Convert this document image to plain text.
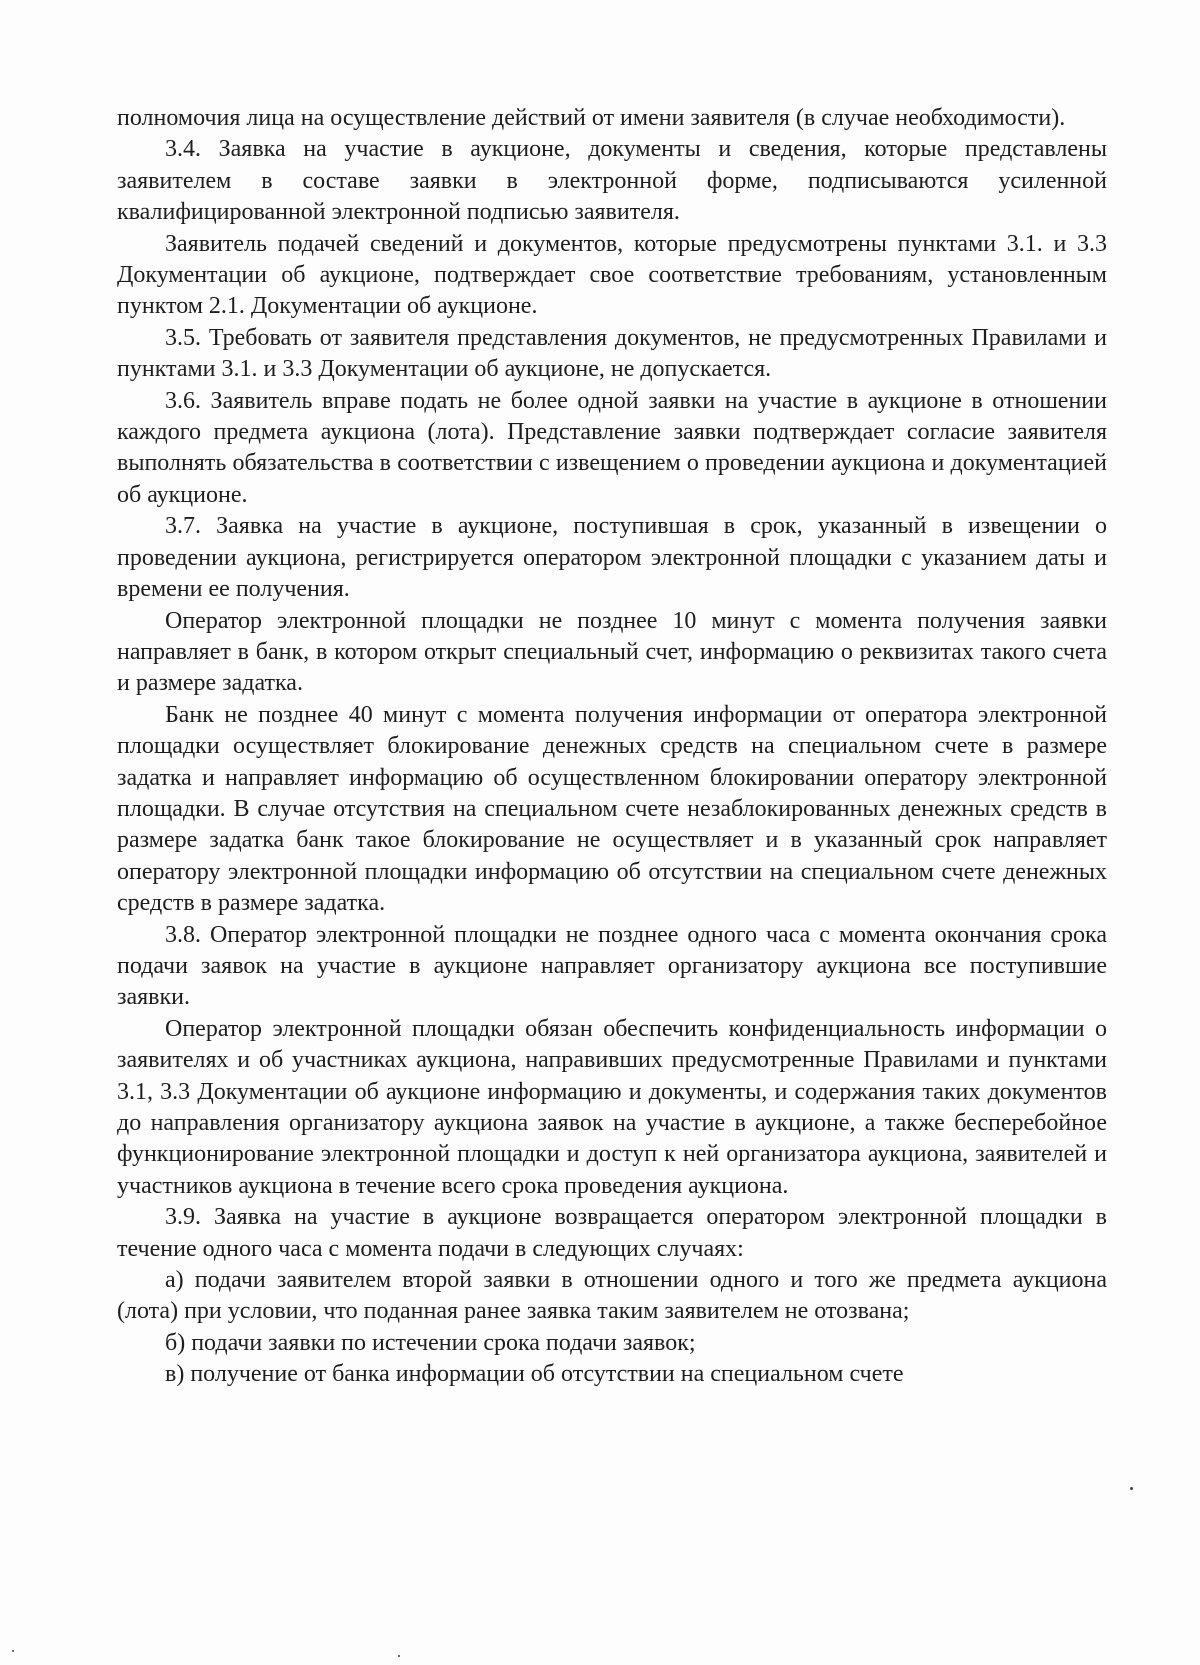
полномочия лица на осуществление действий от имени заявителя (в случае необходимости).

3.4. Заявка на участие в аукционе, документы и сведения, которые представлены заявителем в составе заявки в электронной форме, подписываются усиленной квалифицированной электронной подписью заявителя.

Заявитель подачей сведений и документов, которые предусмотрены пунктами 3.1. и 3.3 Документации об аукционе, подтверждает свое соответствие требованиям, установленным пунктом 2.1. Документации об аукционе.

3.5. Требовать от заявителя представления документов, не предусмотренных Правилами и пунктами 3.1. и 3.3 Документации об аукционе, не допускается.

3.6. Заявитель вправе подать не более одной заявки на участие в аукционе в отношении каждого предмета аукциона (лота). Представление заявки подтверждает согласие заявителя выполнять обязательства в соответствии с извещением о проведении аукциона и документацией об аукционе.

3.7. Заявка на участие в аукционе, поступившая в срок, указанный в извещении о проведении аукциона, регистрируется оператором электронной площадки с указанием даты и времени ее получения.

Оператор электронной площадки не позднее 10 минут с момента получения заявки направляет в банк, в котором открыт специальный счет, информацию о реквизитах такого счета и размере задатка.

Банк не позднее 40 минут с момента получения информации от оператора электронной площадки осуществляет блокирование денежных средств на специальном счете в размере задатка и направляет информацию об осуществленном блокировании оператору электронной площадки. В случае отсутствия на специальном счете незаблокированных денежных средств в размере задатка банк такое блокирование не осуществляет и в указанный срок направляет оператору электронной площадки информацию об отсутствии на специальном счете денежных средств в размере задатка.

3.8. Оператор электронной площадки не позднее одного часа с момента окончания срока подачи заявок на участие в аукционе направляет организатору аукциона все поступившие заявки.

Оператор электронной площадки обязан обеспечить конфиденциальность информации о заявителях и об участниках аукциона, направивших предусмотренные Правилами и пунктами 3.1, 3.3 Документации об аукционе информацию и документы, и содержания таких документов до направления организатору аукциона заявок на участие в аукционе, а также бесперебойное функционирование электронной площадки и доступ к ней организатора аукциона, заявителей и участников аукциона в течение всего срока проведения аукциона.

3.9. Заявка на участие в аукционе возвращается оператором электронной площадки в течение одного часа с момента подачи в следующих случаях:

а) подачи заявителем второй заявки в отношении одного и того же предмета аукциона (лота) при условии, что поданная ранее заявка таким заявителем не отозвана;

б) подачи заявки по истечении срока подачи заявок;

в) получение от банка информации об отсутствии на специальном счете
